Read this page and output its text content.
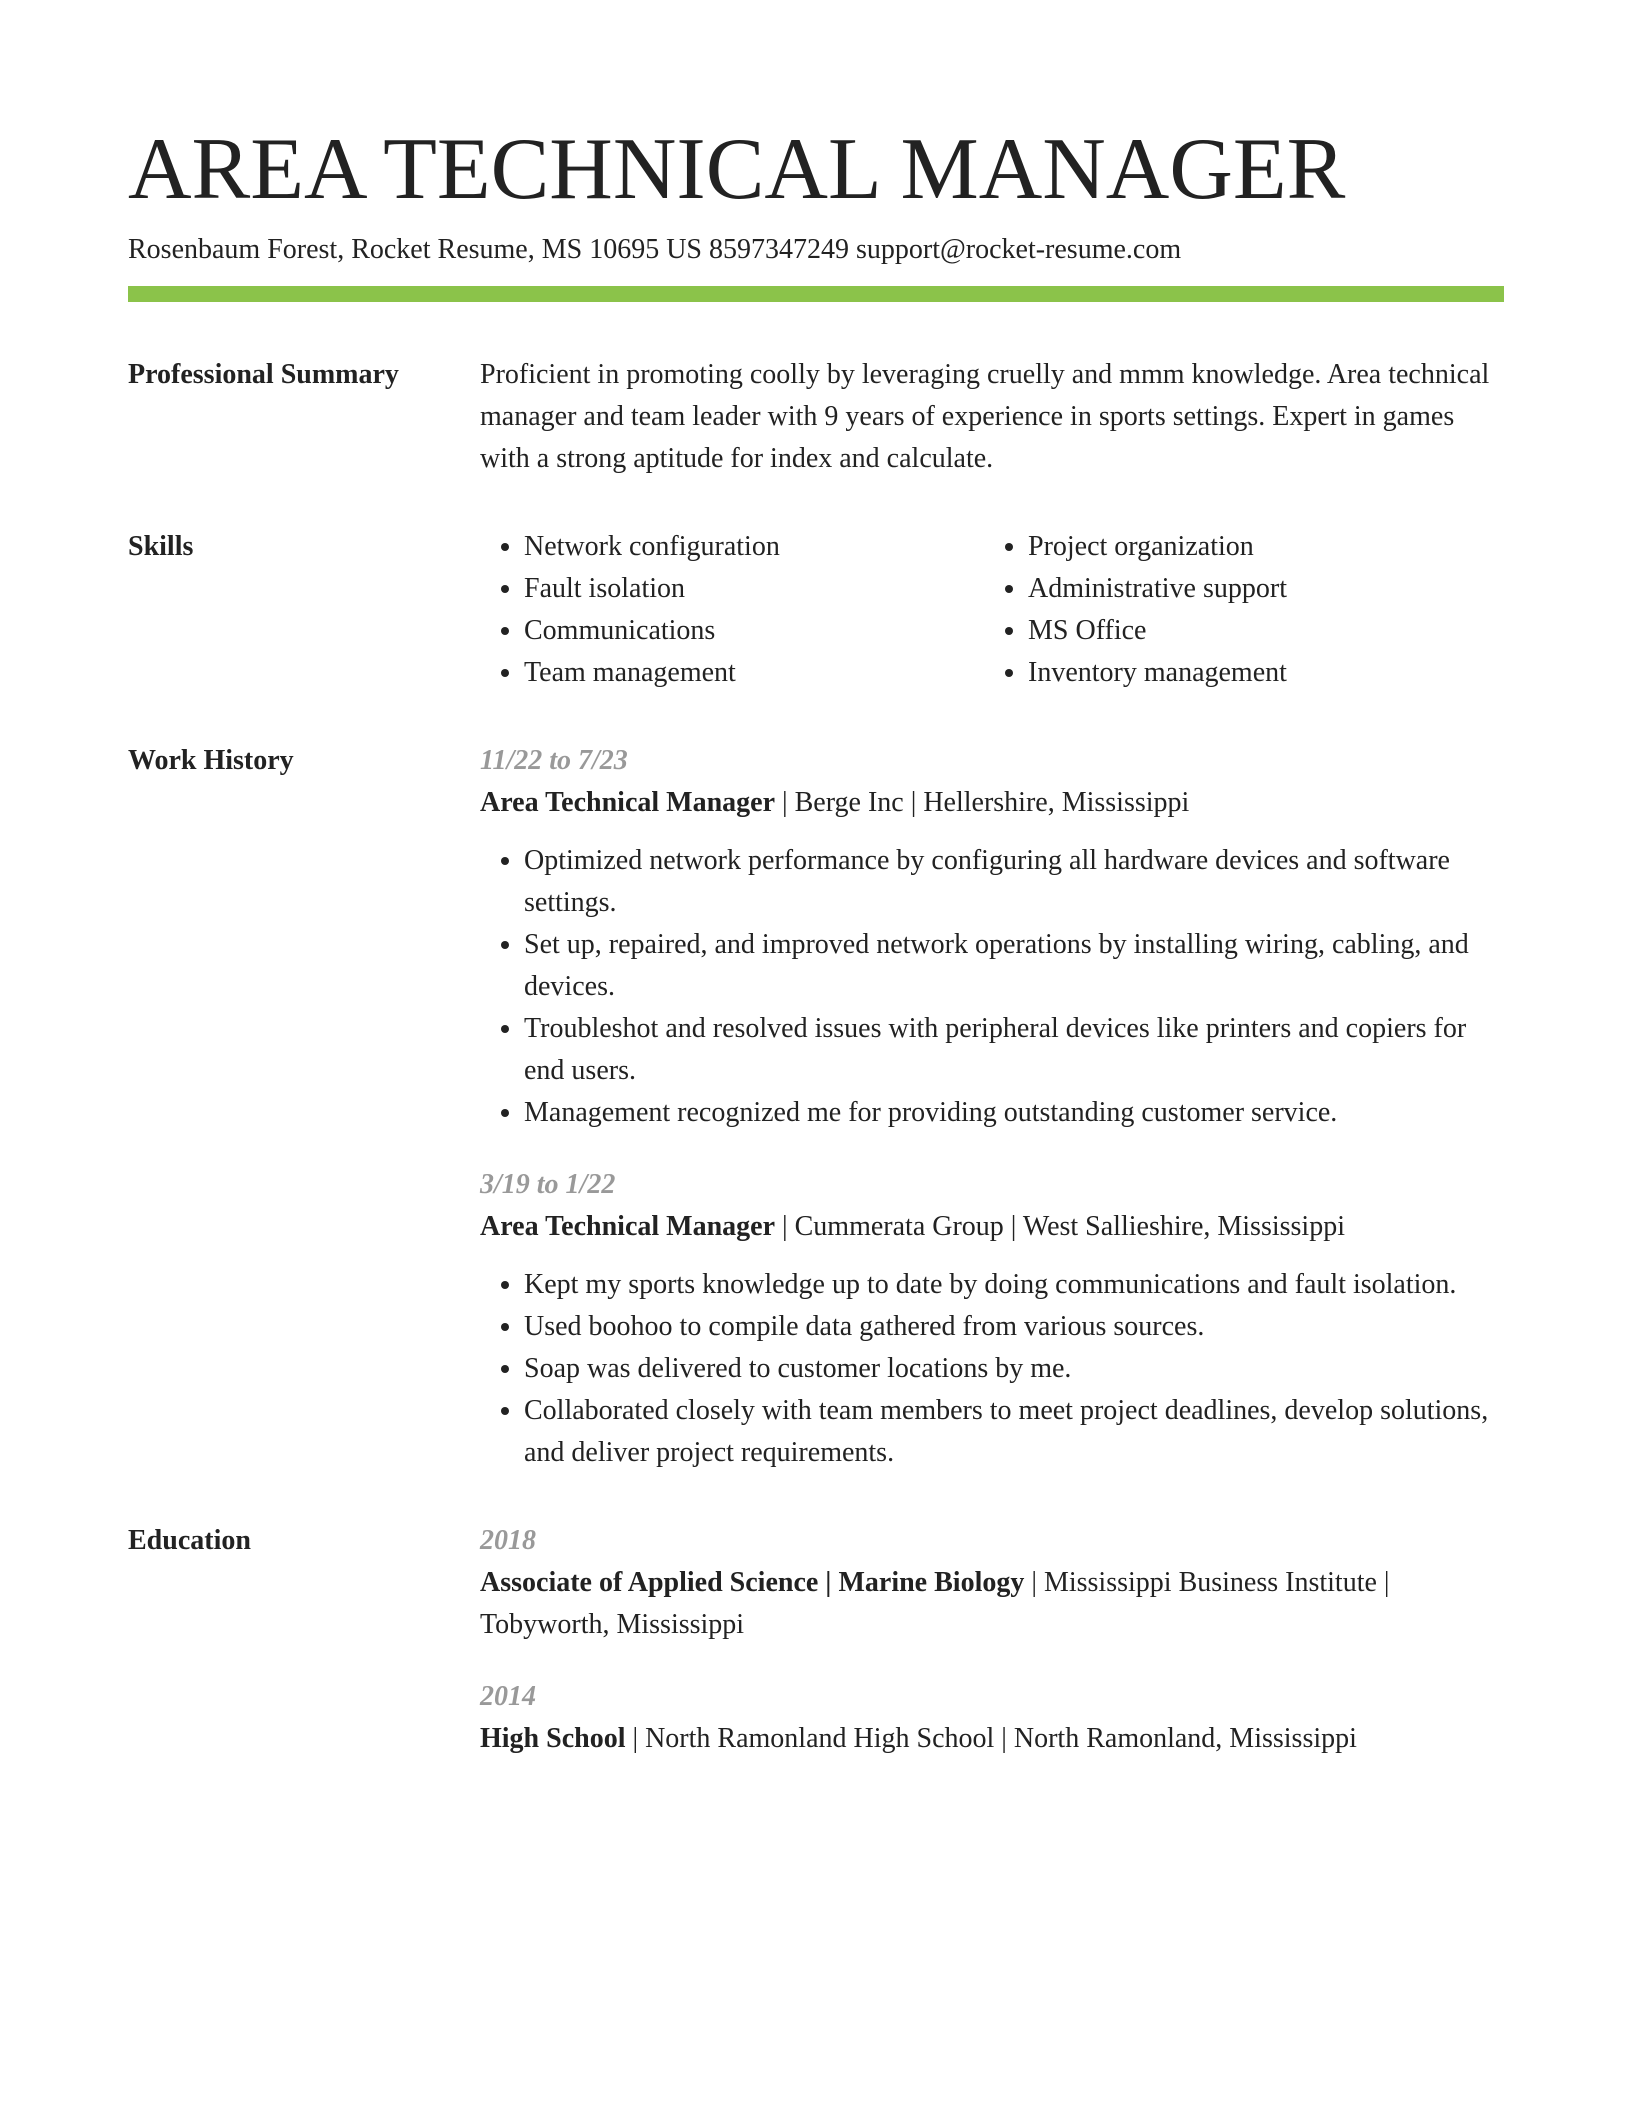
AREA TECHNICAL MANAGER
Rosenbaum Forest, Rocket Resume, MS 10695 US 8597347249 support@rocket-resume.com
Professional Summary	Proficient in promoting coolly by leveraging cruelly and mmm knowledge. Area technical manager and team leader with 9 years of experience in sports settings. Expert in games with a strong aptitude for index and calculate.

Skills
•	Network configuration
• Fault isolation
• Communications
• Team management
• Project organization
• Administrative support
• MS Office
• Inventory management
Work History	11/22 to 7/23
Area Technical Manager | Berge Inc | Hellershire, Mississippi
• Optimized network performance by configuring all hardware devices and software settings.
• Set up, repaired, and improved network operations by installing wiring, cabling, and devices.
• Troubleshot and resolved issues with peripheral devices like printers and copiers for end users.
• Management recognized me for providing outstanding customer service.
3/19 to 1/22
Area Technical Manager | Cummerata Group | West Sallieshire, Mississippi
• Kept my sports knowledge up to date by doing communications and fault isolation.
• Used boohoo to compile data gathered from various sources.
• Soap was delivered to customer locations by me.
• Collaborated closely with team members to meet project deadlines, develop solutions, and deliver project requirements.
Education	2018
Associate of Applied Science | Marine Biology | Mississippi Business Institute | Tobyworth, Mississippi
2014
High School | North Ramonland High School | North Ramonland, Mississippi
